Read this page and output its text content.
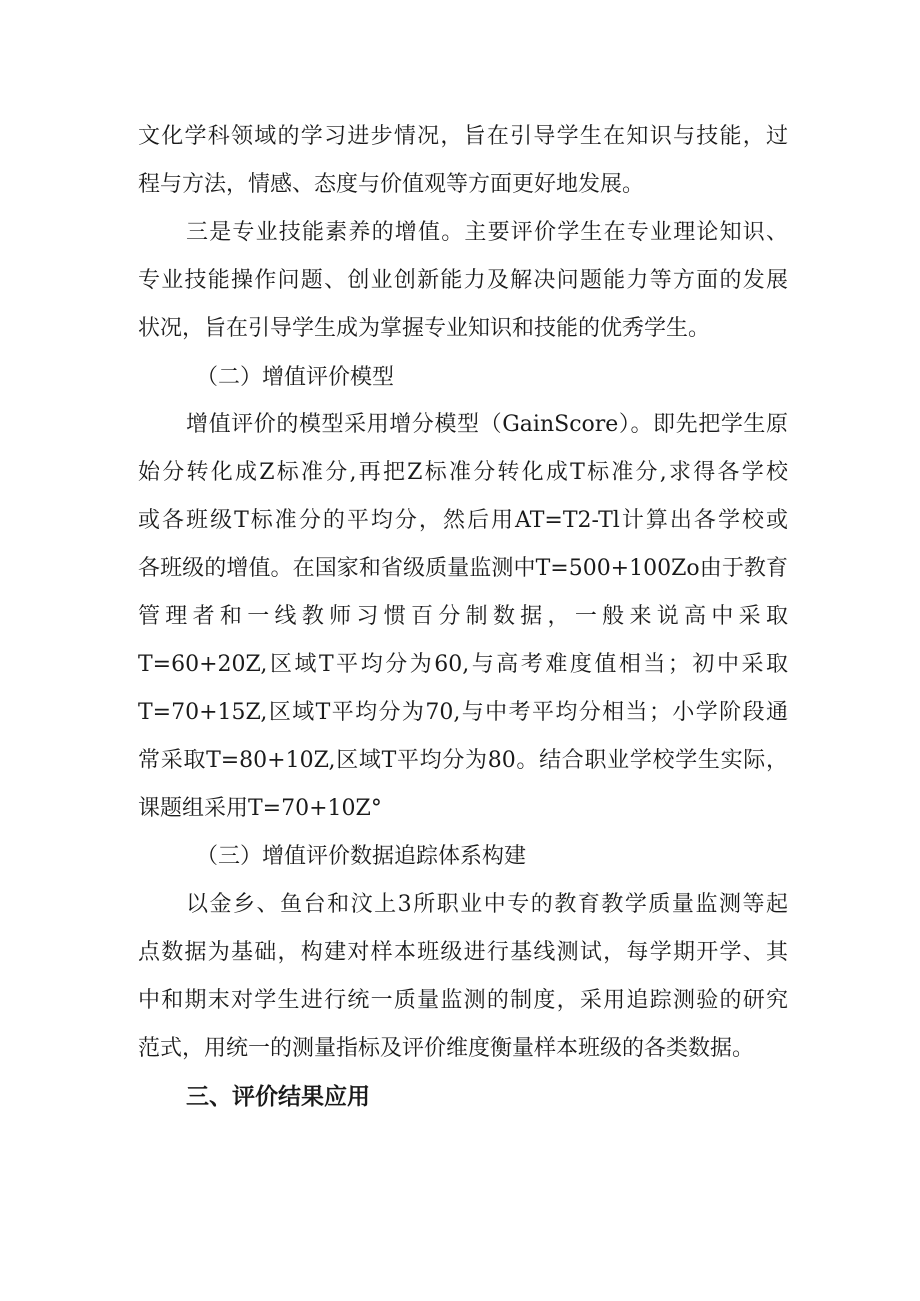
文化学科领域的学习进步情况，旨在引导学生在知识与技能，过
程与方法，情感、态度与价值观等方面更好地发展。
三是专业技能素养的增值。主要评价学生在专业理论知识、
专业技能操作问题、创业创新能力及解决问题能力等方面的发展
状况，旨在引导学生成为掌握专业知识和技能的优秀学生。
（二）增值评价模型
增值评价的模型采用增分模型（GainScore）。即先把学生原
始分转化成Z标准分,再把Z标准分转化成T标准分,求得各学校
或各班级T标准分的平均分，然后用AT=T2-Tl计算出各学校或
各班级的增值。在国家和省级质量监测中T=500+100Zo由于教育
管理者和一线教师习惯百分制数据，一般来说高中采取
T=60+20Z,区域T平均分为60,与高考难度值相当；初中采取
T=70+15Z,区域T平均分为70,与中考平均分相当；小学阶段通
常采取T=80+10Z,区域T平均分为80。结合职业学校学生实际，
课题组采用T=70+10Z°
（三）增值评价数据追踪体系构建
以金乡、鱼台和汶上3所职业中专的教育教学质量监测等起
点数据为基础，构建对样本班级进行基线测试，每学期开学、其
中和期末对学生进行统一质量监测的制度，采用追踪测验的研究
范式，用统一的测量指标及评价维度衡量样本班级的各类数据。
三、评价结果应用
